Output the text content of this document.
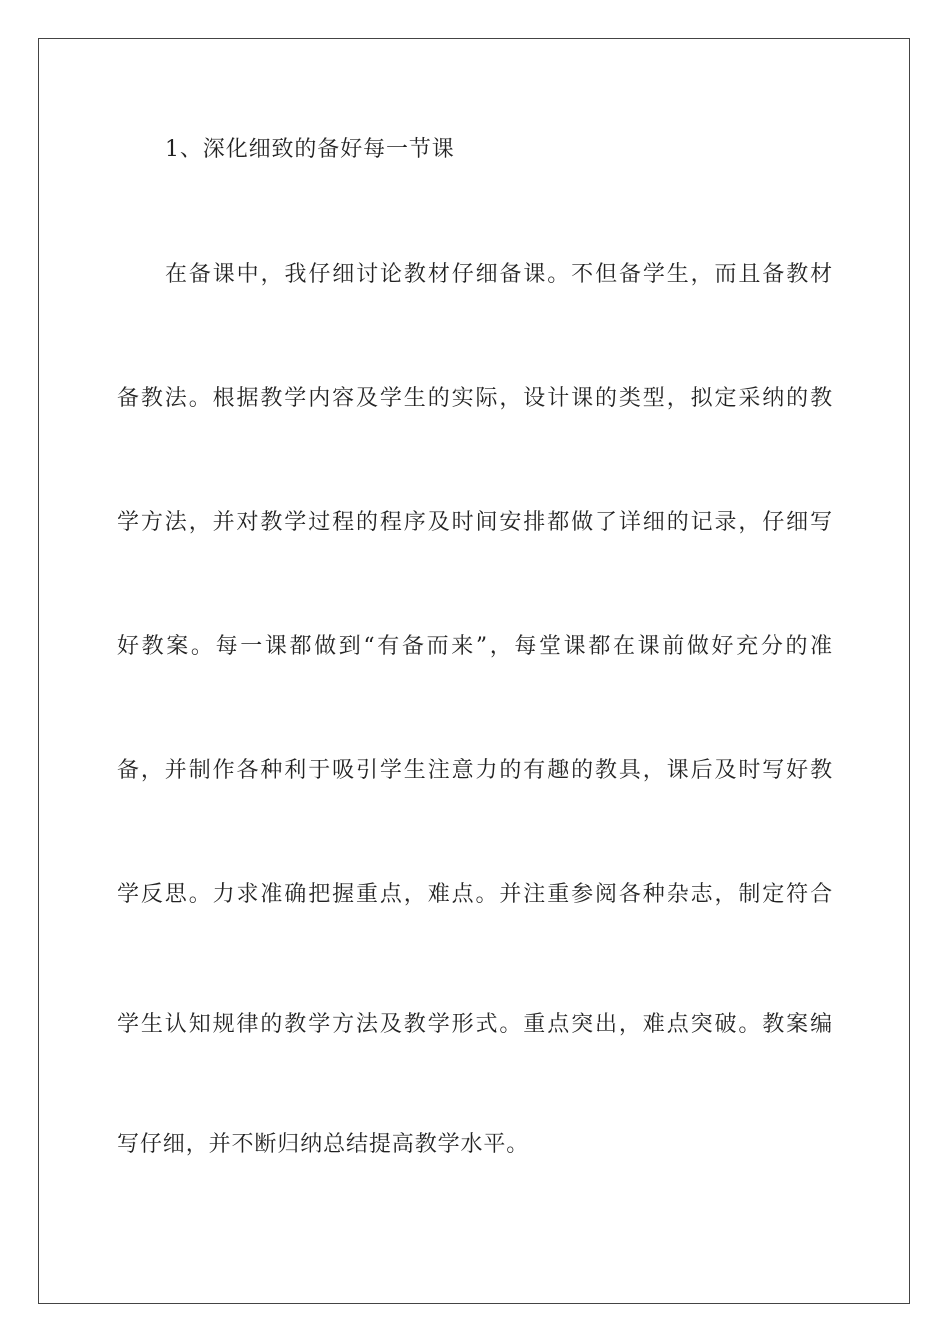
1、深化细致的备好每一节课
在备课中，我仔细讨论教材仔细备课。不但备学生，而且备教材
备教法。根据教学内容及学生的实际，设计课的类型，拟定采纳的教
学方法，并对教学过程的程序及时间安排都做了详细的记录，仔细写
好教案。每一课都做到“有备而来”，每堂课都在课前做好充分的准
备，并制作各种利于吸引学生注意力的有趣的教具，课后及时写好教
学反思。力求准确把握重点，难点。并注重参阅各种杂志，制定符合
学生认知规律的教学方法及教学形式。重点突出，难点突破。教案编
写仔细，并不断归纳总结提高教学水平。
